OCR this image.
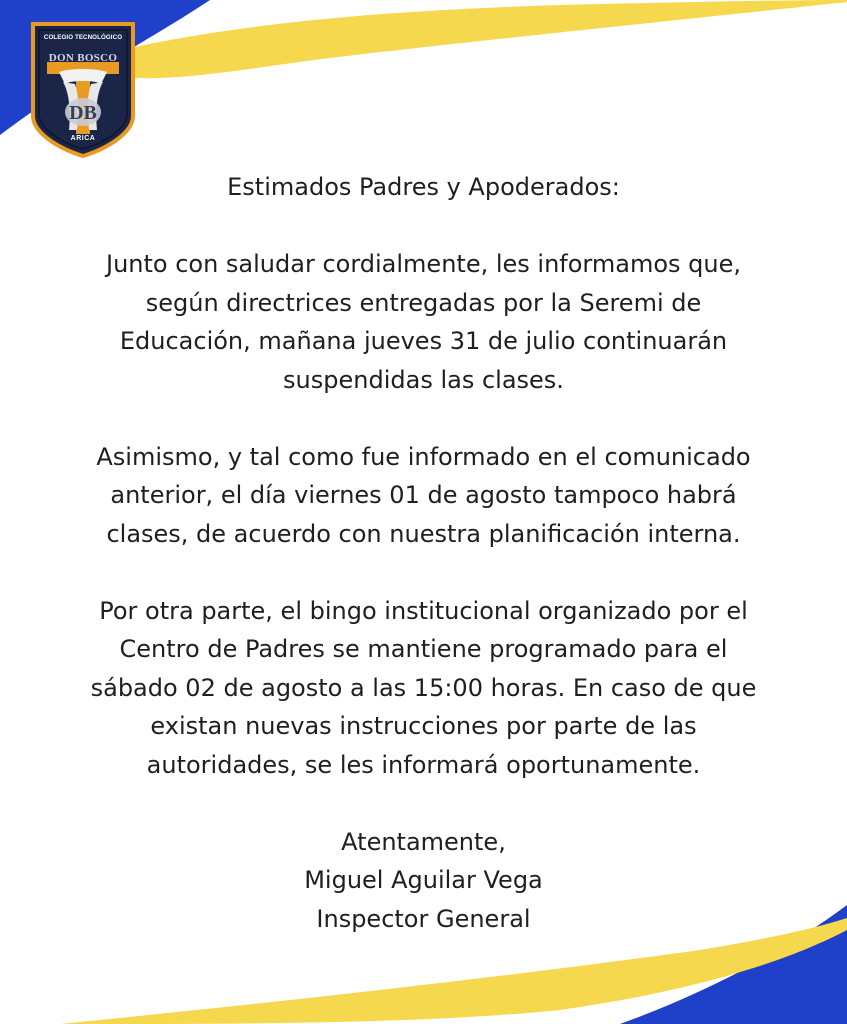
COLEGIO TECNOLÓGICO
DON BOSCO
DB
ARICA

Estimados Padres y Apoderados:

Junto con saludar cordialmente, les informamos que,

según directrices entregadas por la Seremi de

Educación, mañana jueves 31 de julio continuarán

suspendidas las clases.

Asimismo, y tal como fue informado en el comunicado

anterior, el día viernes 01 de agosto tampoco habrá

clases, de acuerdo con nuestra planificación interna.

Por otra parte, el bingo institucional organizado por el

Centro de Padres se mantiene programado para el

sábado 02 de agosto a las 15:00 horas. En caso de que

existan nuevas instrucciones por parte de las

autoridades, se les informará oportunamente.

Atentamente,

Miguel Aguilar Vega

Inspector General
